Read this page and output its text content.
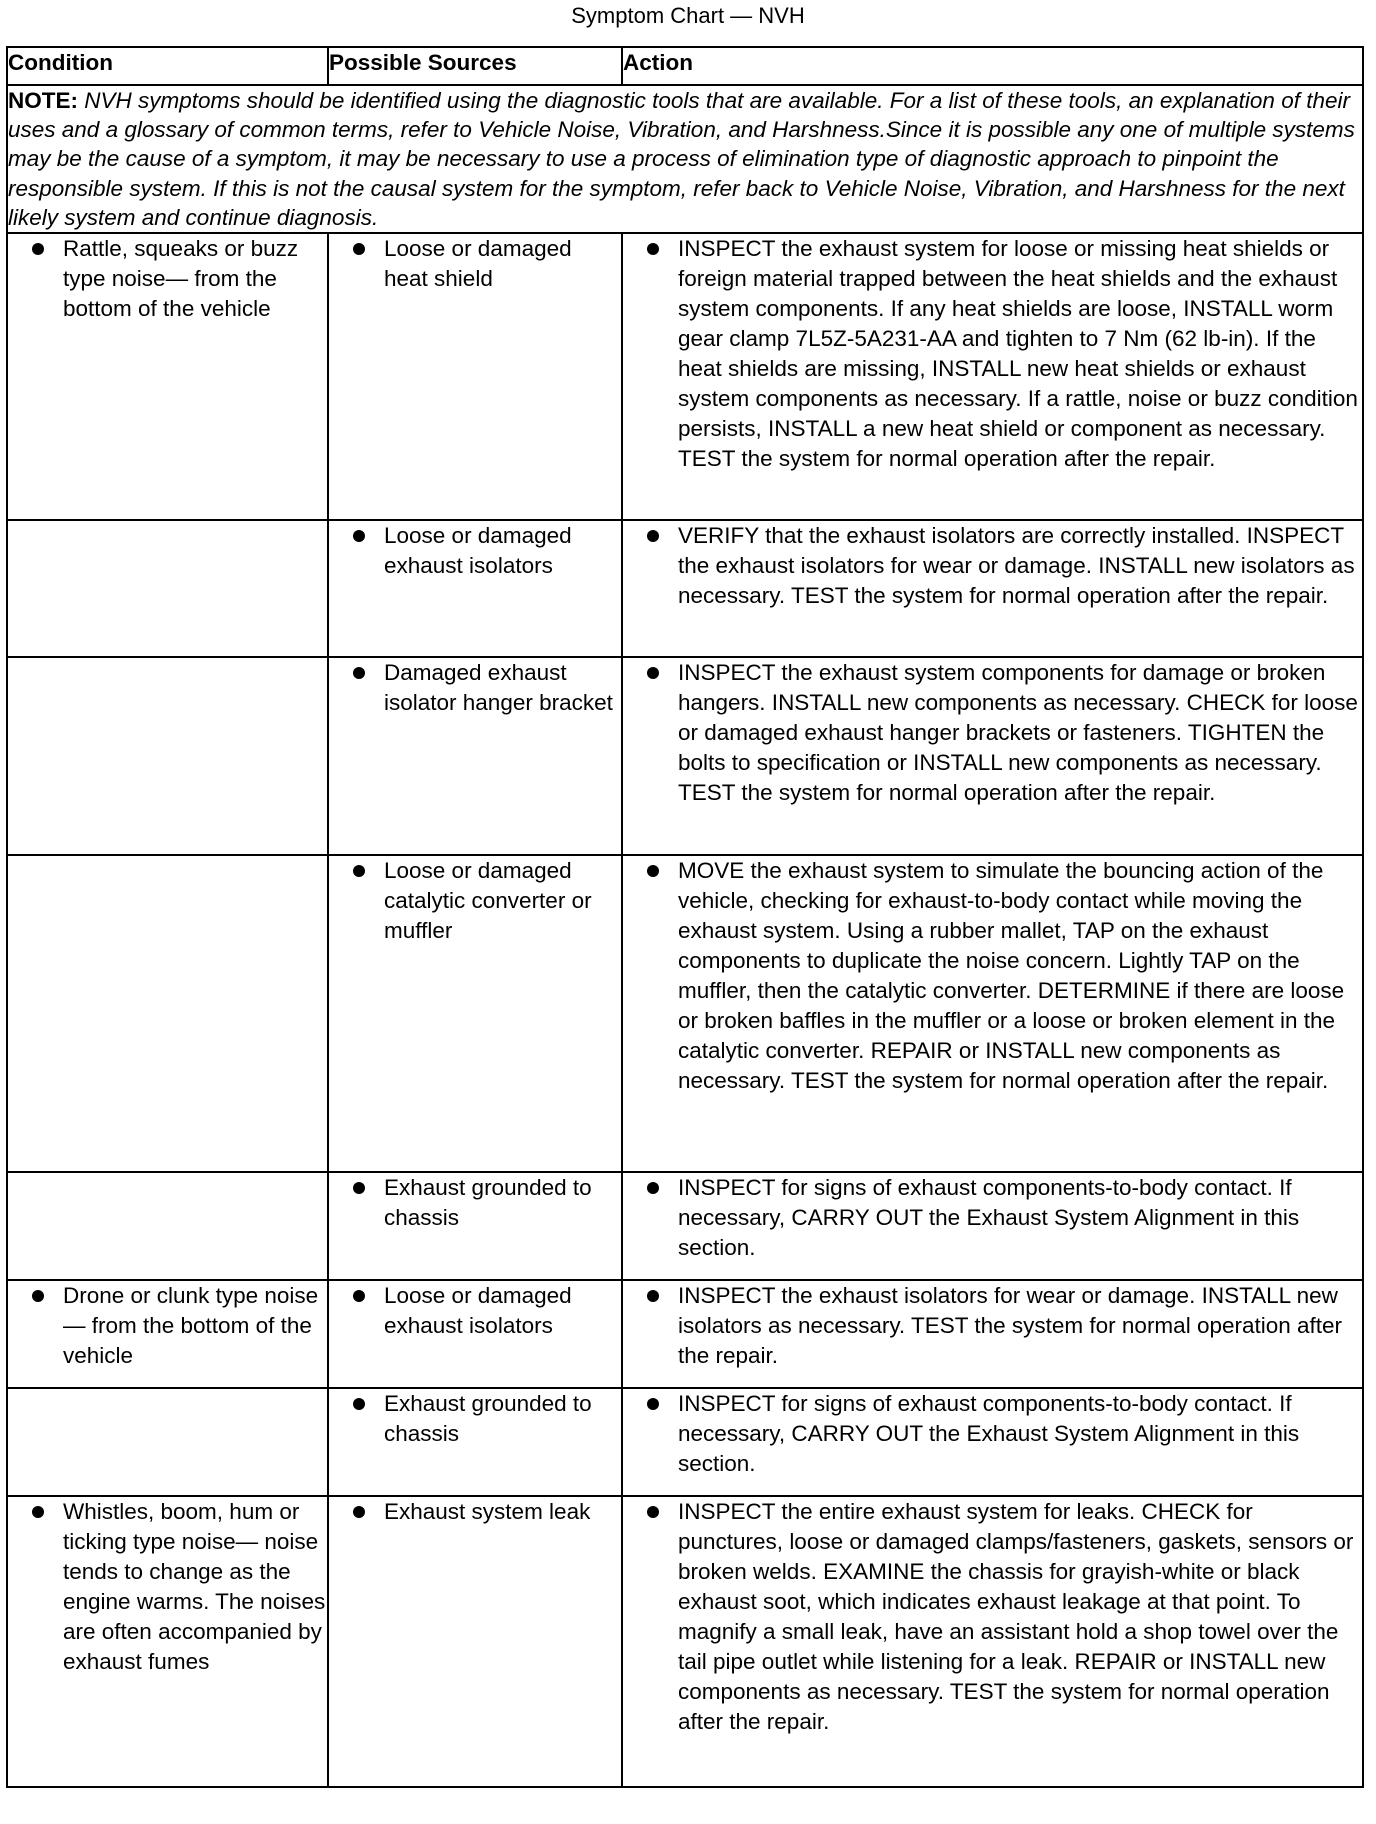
Symptom Chart — NVH
Condition	Possible Sources	Action
NOTE: NVH symptoms should be identified using the diagnostic tools that are available. For a list of these tools, an explanation of their uses and a glossary of common terms, refer to Vehicle Noise, Vibration, and Harshness.Since it is possible any one of multiple systems may be the cause of a symptom, it may be necessary to use a process of elimination type of diagnostic approach to pinpoint the responsible system. If this is not the causal system for the symptom, refer back to Vehicle Noise, Vibration, and Harshness for the next likely system and continue diagnosis.		

Rattle, squeaks or buzz type noise— from the bottom of the vehicle	Loose or damaged heat shield	INSPECT the exhaust system for loose or missing heat shields or foreign material trapped between the heat shields and the exhaust system components. If any heat shields are loose, INSTALL worm gear clamp 7L5Z-5A231-AA and tighten to 7 Nm (62 lb-in). If the heat shields are missing, INSTALL new heat shields or exhaust system components as necessary. If a rattle, noise or buzz condition persists, INSTALL a new heat shield or component as necessary. TEST the system for normal operation after the repair.

	Loose or damaged exhaust isolators	VERIFY that the exhaust isolators are correctly installed. INSPECT the exhaust isolators for wear or damage. INSTALL new isolators as necessary. TEST the system for normal operation after the repair.

	Damaged exhaust isolator hanger bracket	INSPECT the exhaust system components for damage or broken hangers. INSTALL new components as necessary. CHECK for loose or damaged exhaust hanger brackets or fasteners. TIGHTEN the bolts to specification or INSTALL new components as necessary. TEST the system for normal operation after the repair.

	Loose or damaged catalytic converter or muffler	MOVE the exhaust system to simulate the bouncing action of the vehicle, checking for exhaust-to-body contact while moving the exhaust system. Using a rubber mallet, TAP on the exhaust components to duplicate the noise concern. Lightly TAP on the muffler, then the catalytic converter. DETERMINE if there are loose or broken baffles in the muffler or a loose or broken element in the catalytic converter. REPAIR or INSTALL new components as necessary. TEST the system for normal operation after the repair.

	Exhaust grounded to chassis	INSPECT for signs of exhaust components-to-body contact. If necessary, CARRY OUT the Exhaust System Alignment in this section.

Drone or clunk type noise— from the bottom of the vehicle	Loose or damaged exhaust isolators	INSPECT the exhaust isolators for wear or damage. INSTALL new isolators as necessary. TEST the system for normal operation after the repair.

	Exhaust grounded to chassis	INSPECT for signs of exhaust components-to-body contact. If necessary, CARRY OUT the Exhaust System Alignment in this section.

Whistles, boom, hum or ticking type noise— noise tends to change as the engine warms. The noises are often accompanied by exhaust fumes	Exhaust system leak	INSPECT the entire exhaust system for leaks. CHECK for punctures, loose or damaged clamps/fasteners, gaskets, sensors or broken welds. EXAMINE the chassis for grayish-white or black exhaust soot, which indicates exhaust leakage at that point. To magnify a small leak, have an assistant hold a shop towel over the tail pipe outlet while listening for a leak. REPAIR or INSTALL new components as necessary. TEST the system for normal operation after the repair.
